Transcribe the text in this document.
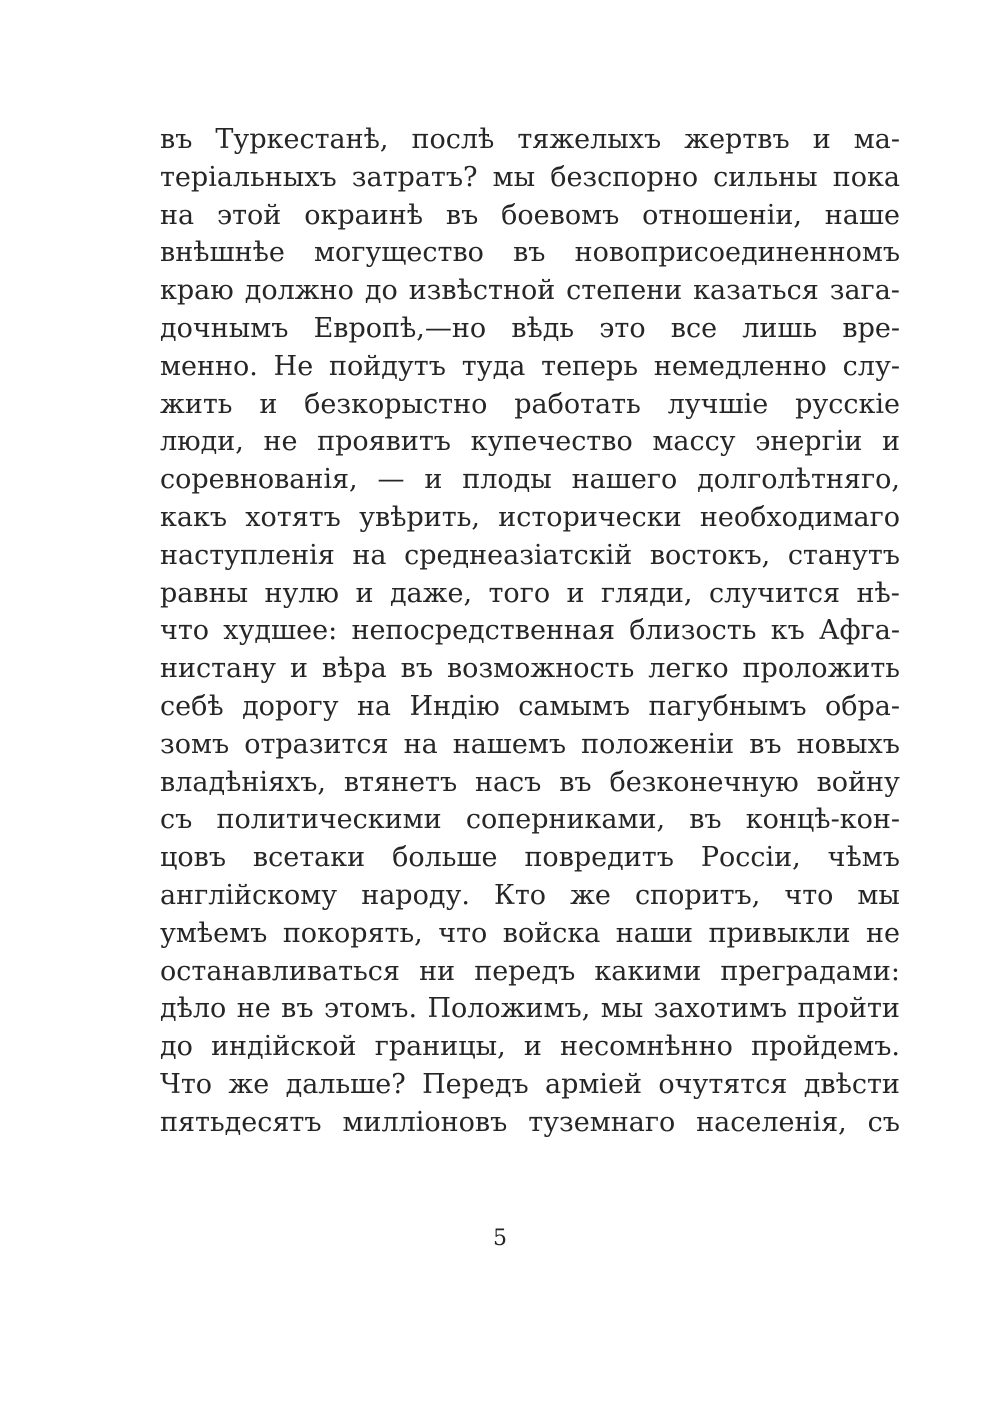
въ Туркестанѣ, послѣ тяжелыхъ жертвъ и ма-
теріальныхъ затратъ? мы безспорно сильны пока
на этой окраинѣ въ боевомъ отношеніи, наше
внѣшнѣе могущество въ новоприсоединенномъ
краю должно до извѣстной степени казаться зага-
дочнымъ Европѣ,—но вѣдь это все лишь вре-
менно. Не пойдутъ туда теперь немедленно слу-
жить и безкорыстно работать лучшіе русскіе
люди, не проявитъ купечество массу энергіи и
соревнованія, — и плоды нашего долголѣтняго,
какъ хотятъ увѣрить, исторически необходимаго
наступленія на среднеазіатскій востокъ, станутъ
равны нулю и даже, того и гляди, случится нѣ-
что худшее: непосредственная близость къ Афга-
нистану и вѣра въ возможность легко проложить
себѣ дорогу на Индію самымъ пагубнымъ обра-
зомъ отразится на нашемъ положеніи въ новыхъ
владѣніяхъ, втянетъ насъ въ безконечную войну
съ политическими соперниками, въ концѣ-кон-
цовъ всетаки больше повредитъ Россіи, чѣмъ
англійскому народу. Кто же споритъ, что мы
умѣемъ покорять, что войска наши привыкли не
останавливаться ни передъ какими преградами:
дѣло не въ этомъ. Положимъ, мы захотимъ пройти
до индійской границы, и несомнѣнно пройдемъ.
Что же дальше? Передъ арміей очутятся двѣсти
пятьдесятъ милліоновъ туземнаго населенія, съ
5
